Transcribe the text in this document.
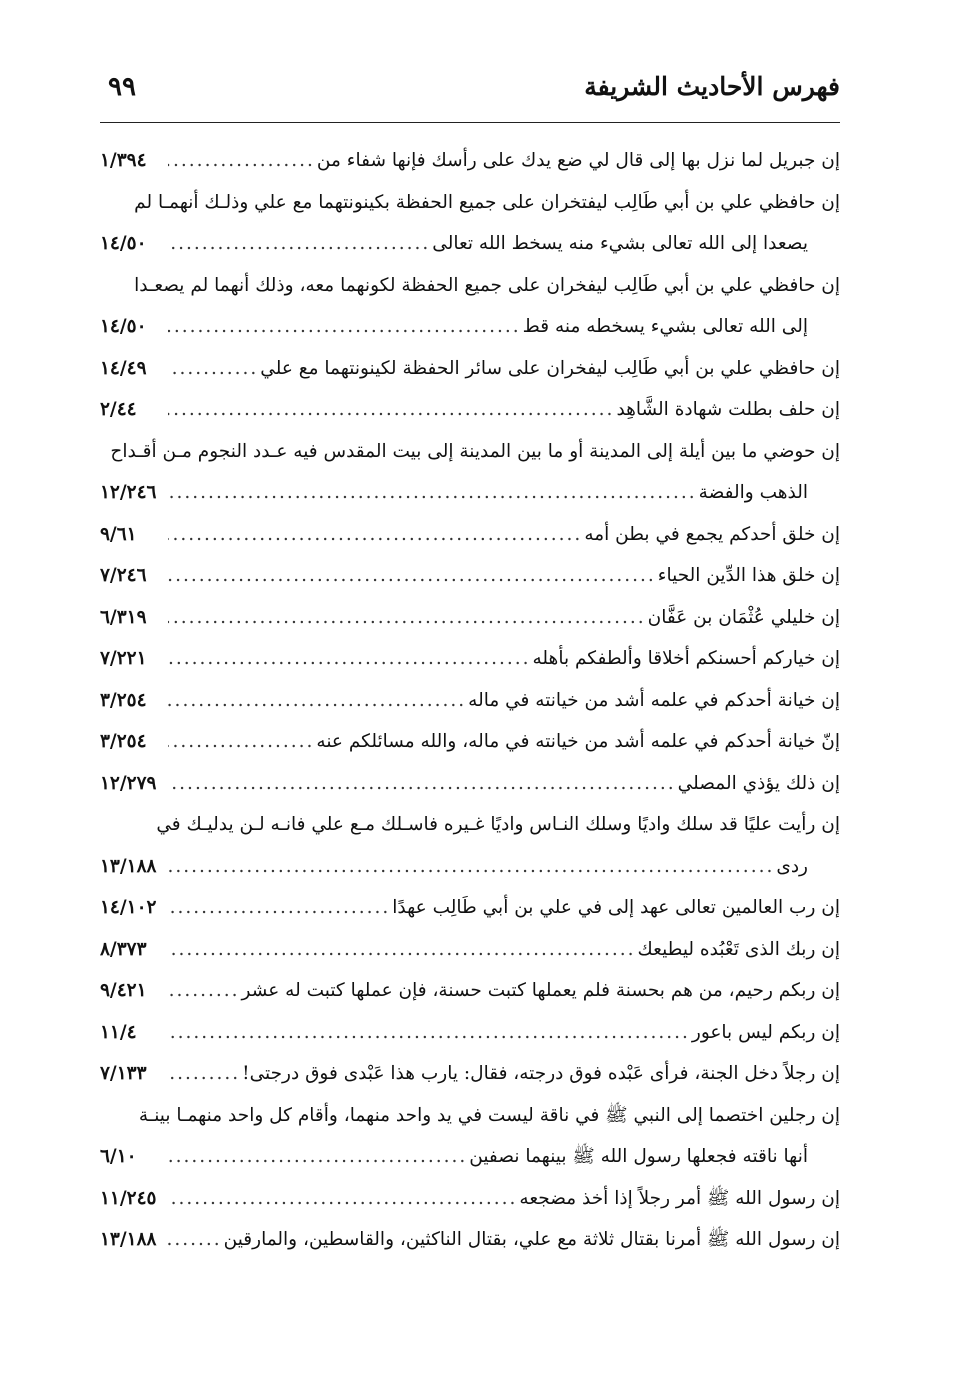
٩٩	فهرس الأحاديث الشريفة
إن جبريل لما نزل بها إلى قال لي ضع يدك على رأسك فإنها شفاء من
.....
١/٣٩٤
إن حافظي علي بن أبي طَالِب ليفتخران على جميع الحفظة بكينونتهما مع علي وذلـك أنهمـا لم
يصعدا إلى الله تعالى بشيء منه يسخط الله تعالى
.....
١٤/٥٠
إن حافظي علي بن أبي طَالِب ليفخران على جميع الحفظة لكونهما معه، وذلك أنهما لم يصعـدا
إلى الله تعالى بشيء يسخطه منه قط
.....
١٤/٥٠
إن حافظي علي بن أبي طَالِب ليفخران على سائر الحفظة لكينونتهما مع علي
.....
١٤/٤٩
إن حلف بطلت شهادة الشَّاهِد
.....
٢/٤٤
إن حوضي ما بين أيلة إلى المدينة أو ما بين المدينة إلى بيت المقدس فيه عـدد النجوم مـن أقـداح
الذهب والفضة
.....
١٢/٢٤٦
إن خلق أحدكم يجمع في بطن أمه
.....
٩/٦١
إن خلق هذا الدِّين الحياء
.....
٧/٢٤٦
إن خليلي عُثْمَان بن عَفَّان
.....
٦/٣١٩
إن خياركم أحسنكم أخلاقا وألطفكم بأهله
.....
٧/٢٢١
إن خيانة أحدكم في علمه أشد من خيانته في ماله
.....
٣/٢٥٤
إنّ خيانة أحدكم في علمه أشد من خيانته في ماله، والله مسائلكم عنه
.....
٣/٢٥٤
إن ذلك يؤذي المصلي
.....
١٢/٢٧٩
إن رأيت عليًا قد سلك واديًا وسلك النـاس واديًا غـيره فاسـلك مـع علي فانـه لـن يدليـك في
ردى
.....
١٣/١٨٨
إن رب العالمين تعالى عهد إلى في علي بن أبي طَالِب عهدًا
.....
١٤/١٠٢
إن ربك الذى تَعْبُده ليطيعك
.....
٨/٣٧٣
إن ربكم رحيم، من هم بحسنة فلم يعملها كتبت حسنة، فإن عملها كتبت له عشر
.....
٩/٤٢١
إن ربكم ليس باعور
.....
١١/٤
إن رجلاً دخل الجنة، فرأى عَبْده فوق درجته، فقال: يارب هذا عَبْدى فوق درجتى!
.....
٧/١٣٣
إن رجلين اختصما إلى النبي ﷺ في ناقة ليست في يد واحد منهما، وأقام كل واحد منهمـا بينـة
أنها ناقته فجعلها رسول الله ﷺ بينهما نصفين
.....
٦/١٠
إن رسول الله ﷺ أمر رجلاً إذا أخذ مضجعه
.....
١١/٢٤٥
إن رسول الله ﷺ أمرنا بقتال ثلاثة مع علي، بقتال الناكثين، والقاسطين، والمارقين
.....
١٣/١٨٨
